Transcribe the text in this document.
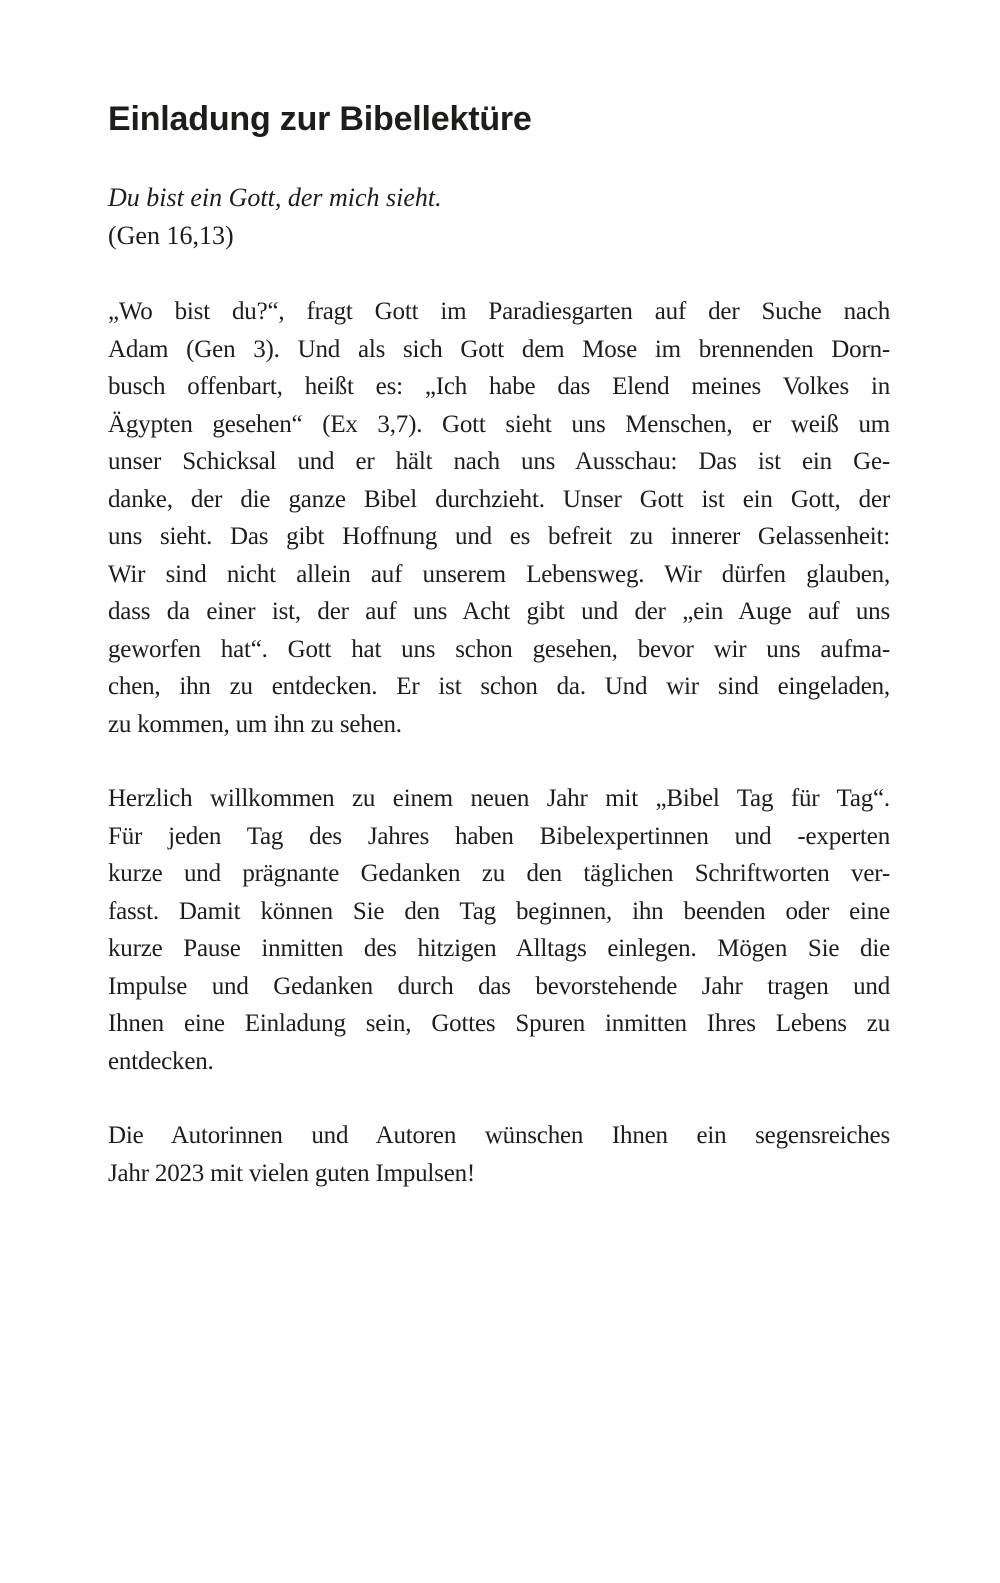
Einladung zur Bibellektüre
Du bist ein Gott, der mich sieht.
(Gen 16,13)

„Wo bist du?“, fragt Gott im Paradiesgarten auf der Suche nach
Adam (Gen 3). Und als sich Gott dem Mose im brennenden Dorn-
busch offenbart, heißt es: „Ich habe das Elend meines Volkes in
Ägypten gesehen“ (Ex 3,7). Gott sieht uns Menschen, er weiß um
unser Schicksal und er hält nach uns Ausschau: Das ist ein Ge-
danke, der die ganze Bibel durchzieht. Unser Gott ist ein Gott, der
uns sieht. Das gibt Hoffnung und es befreit zu innerer Gelassenheit:
Wir sind nicht allein auf unserem Lebensweg. Wir dürfen glauben,
dass da einer ist, der auf uns Acht gibt und der „ein Auge auf uns
geworfen hat“. Gott hat uns schon gesehen, bevor wir uns aufma-
chen, ihn zu entdecken. Er ist schon da. Und wir sind eingeladen,
zu kommen, um ihn zu sehen.

Herzlich willkommen zu einem neuen Jahr mit „Bibel Tag für Tag“.
Für jeden Tag des Jahres haben Bibelexpertinnen und -experten
kurze und prägnante Gedanken zu den täglichen Schriftworten ver-
fasst. Damit können Sie den Tag beginnen, ihn beenden oder eine
kurze Pause inmitten des hitzigen Alltags einlegen. Mögen Sie die
Impulse und Gedanken durch das bevorstehende Jahr tragen und
Ihnen eine Einladung sein, Gottes Spuren inmitten Ihres Lebens zu
entdecken.

Die Autorinnen und Autoren wünschen Ihnen ein segensreiches
Jahr 2023 mit vielen guten Impulsen!
